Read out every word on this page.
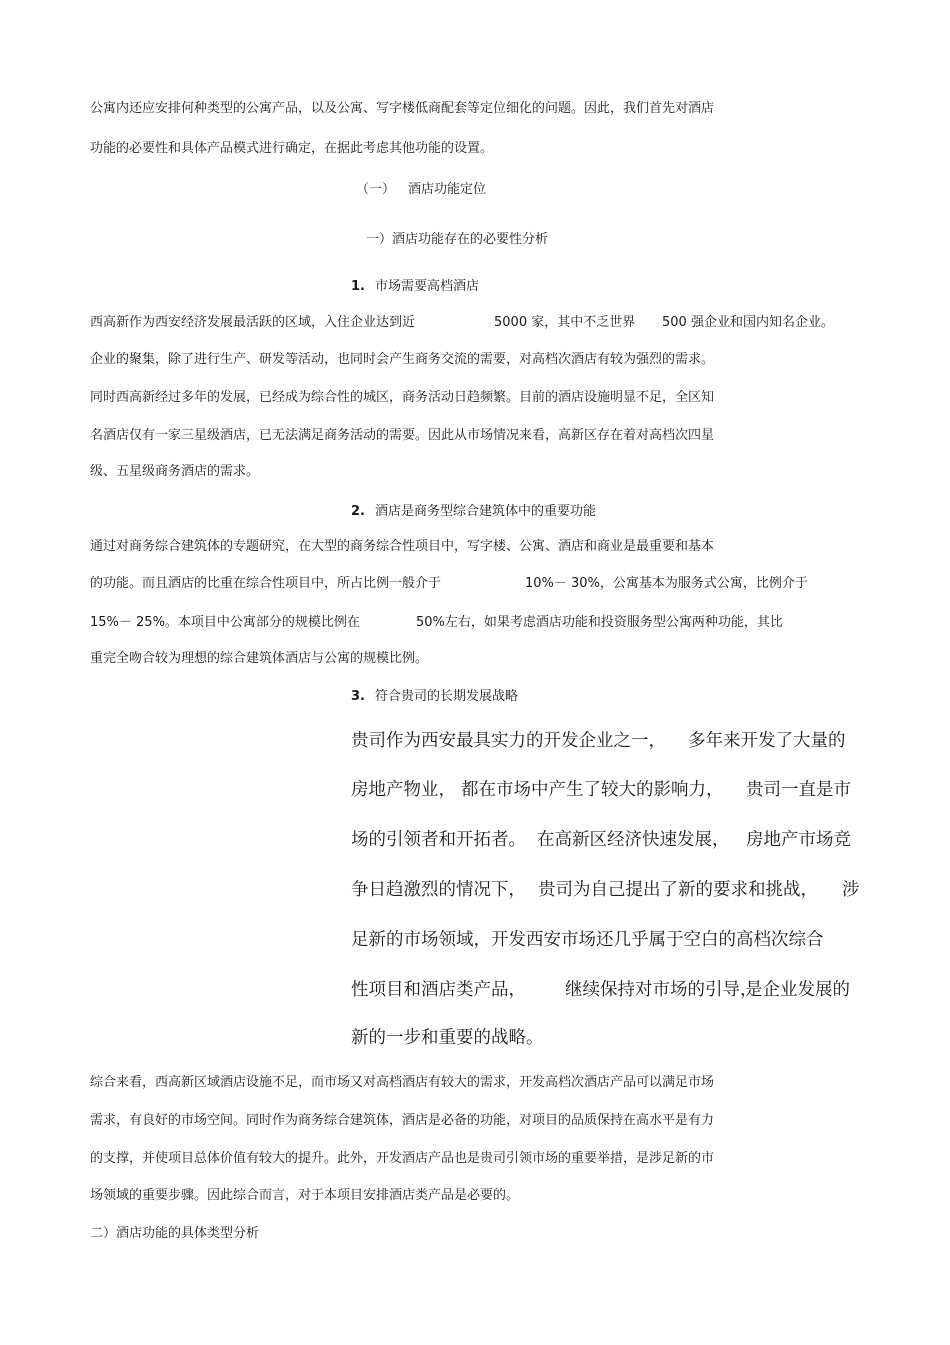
公寓内还应安排何种类型的公寓产品，以及公寓、写字楼低商配套等定位细化的问题。因此，我们首先对酒店
功能的必要性和具体产品模式进行确定，在据此考虑其他功能的设置。
（一） 酒店功能定位
一）酒店功能存在的必要性分析
1. 市场需要高档酒店
西高新作为西安经济发展最活跃的区域，入住企业达到近	5000 家，其中不乏世界 500 强企业和国内知名企业。
企业的聚集，除了进行生产、研发等活动，也同时会产生商务交流的需要，对高档次酒店有较为强烈的需求。
同时西高新经过多年的发展，已经成为综合性的城区，商务活动日趋频繁。目前的酒店设施明显不足，全区知
名酒店仅有一家三星级酒店，已无法满足商务活动的需要。因此从市场情况来看，高新区存在着对高档次四星
级、五星级商务酒店的需求。
2. 酒店是商务型综合建筑体中的重要功能
通过对商务综合建筑体的专题研究，在大型的商务综合性项目中，写字楼、公寓、酒店和商业是最重要和基本
的功能。而且酒店的比重在综合性项目中，所占比例一般介于	10%－ 30%，公寓基本为服务式公寓，比例介于
15%－ 25%。本项目中公寓部分的规模比例在	50%左右，如果考虑酒店功能和投资服务型公寓两种功能，其比
重完全吻合较为理想的综合建筑体酒店与公寓的规模比例。
3. 符合贵司的长期发展战略
贵司作为西安最具实力的开发企业之一， 多年来开发了大量的
房地产物业， 都在市场中产生了较大的影响力， 贵司一直是市
场的引领者和开拓者。 在高新区经济快速发展， 房地产市场竞
争日趋激烈的情况下， 贵司为自己提出了新的要求和挑战， 涉
足新的市场领域，开发西安市场还几乎属于空白的高档次综合
性项目和酒店类产品， 继续保持对市场的引导，
是企业发展的
新的一步和重要的战略。
综合来看，西高新区域酒店设施不足，而市场又对高档酒店有较大的需求，开发高档次酒店产品可以满足市场
需求，有良好的市场空间。同时作为商务综合建筑体，酒店是必备的功能，对项目的品质保持在高水平是有力
的支撑，并使项目总体价值有较大的提升。此外，开发酒店产品也是贵司引领市场的重要举措，是涉足新的市
场领域的重要步骤。因此综合而言，对于本项目安排酒店类产品是必要的。
二）酒店功能的具体类型分析
